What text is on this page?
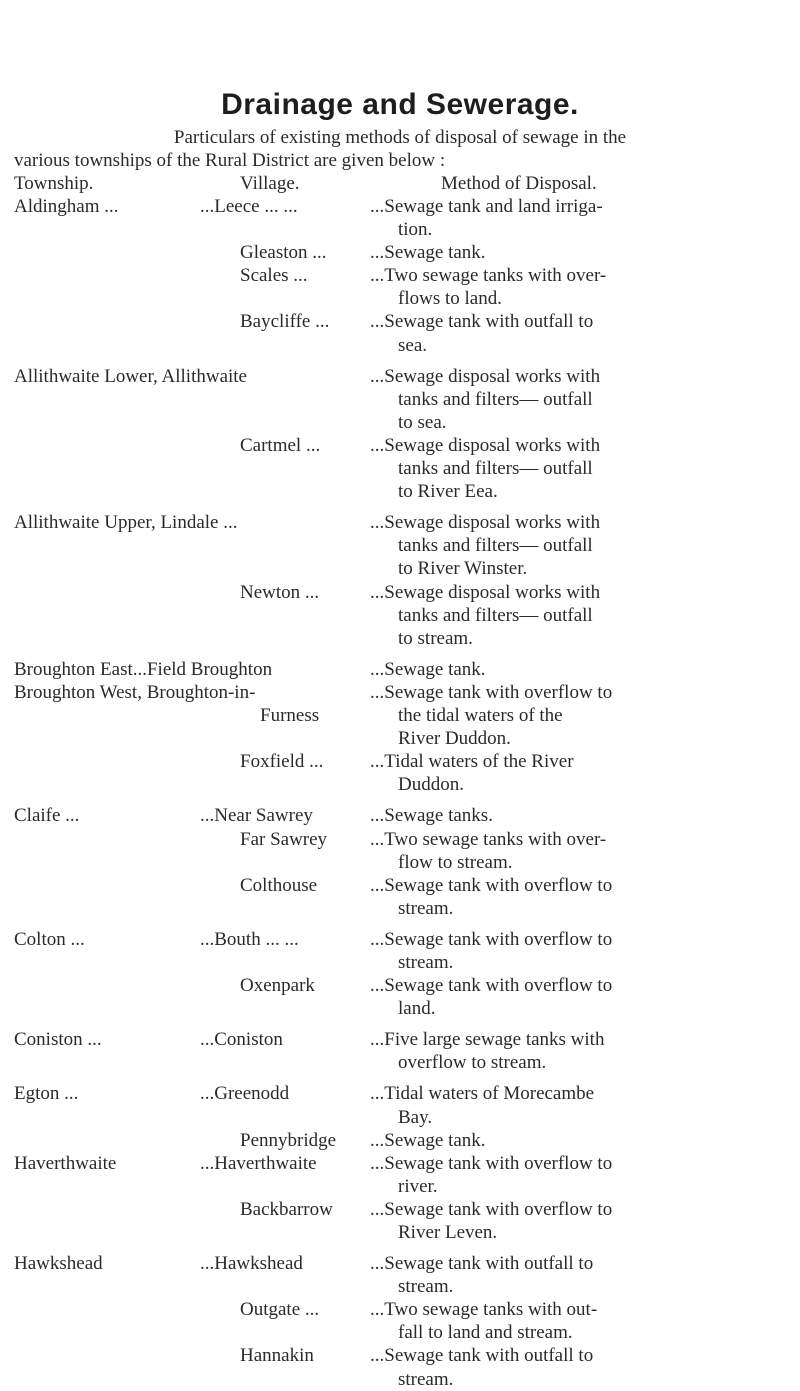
Drainage and Sewerage.
Particulars of existing methods of disposal of sewage in the
various townships of the Rural District are given below :
Township.	Village.	Method of Disposal.
Aldingham ...	...Leece ... ...	...Sewage tank and land irriga-
tion.
Gleaston ... ...Sewage tank.
Scales ...	...Two sewage tanks with over-
flows to land.
Baycliffe ... ...Sewage tank with outfall to
sea.
Allithwaite Lower, Allithwaite	...Sewage disposal works with
tanks and filters— outfall
to sea.
Cartmel ...	...Sewage disposal works with
tanks and filters— outfall
to River Eea.
Allithwaite Upper, Lindale ...	...Sewage disposal works with
tanks and filters— outfall
to River Winster.
Newton ...	...Sewage disposal works with
tanks and filters— outfall
to stream.
Broughton East...Field Broughton	...Sewage tank.
Broughton West, Broughton-in-
Furness
...Sewage tank with overflow to
the tidal waters of the
River Duddon.
Foxfield ... ...Tidal waters of the River
Duddon.
Claife ...	...Near Sawrey	...Sewage tanks.
Far Sawrey ...Two sewage tanks with over-
flow to stream.
Colthouse	...Sewage tank with overflow to
stream.
Colton ...	...Bouth ... ...	...Sewage tank with overflow to
stream.
Oxenpark	...Sewage tank with overflow to
land.
Coniston ...	...Coniston	...Five large sewage tanks with
overflow to stream.
Egton ...	...Greenodd	...Tidal waters of Morecambe
Bay.
Pennybridge ...Sewage tank.
Haverthwaite	...Haverthwaite	...Sewage tank with overflow to
river.
Backbarrow ...Sewage tank with overflow to
River Leven.
Hawkshead	...Hawkshead	...Sewage tank with outfall to
stream.
Outgate ...	...Two sewage tanks with out-
fall to land and stream.
Hannakin	...Sewage tank with outfall to
stream.
